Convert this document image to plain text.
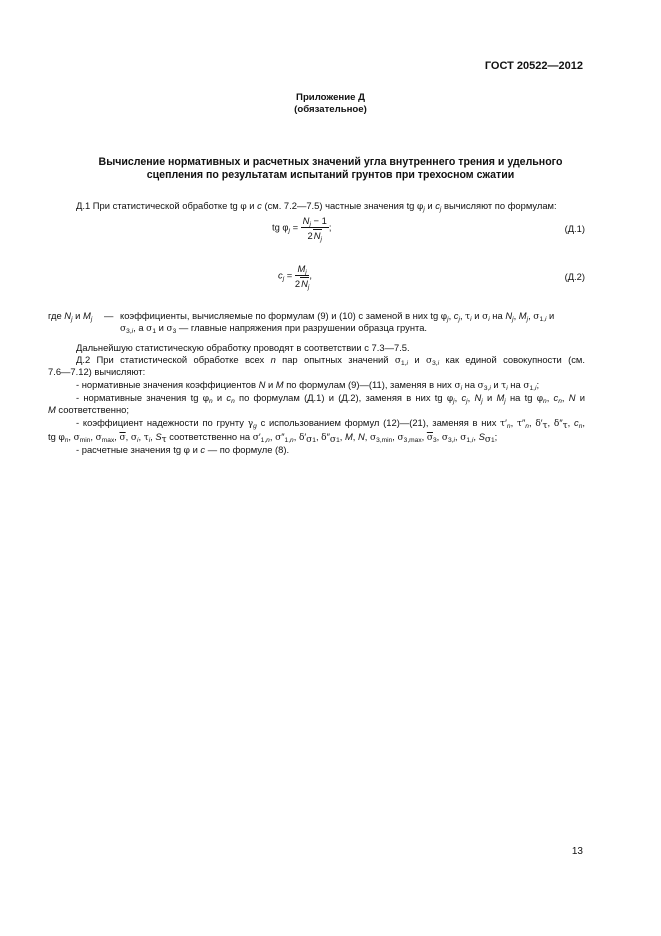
ГОСТ 20522—2012
Приложение Д
(обязательное)
Вычисление нормативных и расчетных значений угла внутреннего трения и удельного
сцепления по результатам испытаний грунтов при трехосном сжатии
Д.1 При статистической обработке tg φ и с (см. 7.2—7.5) частные значения tg $\varphi_j$ и $c_j$ вычисляют по формулам:
tg $\varphi_j = \frac{N_j - 1}{2N_j}$ ;	(Д.1)
$c_j = \frac{M_j}{2N_j}$ ,	(Д.2)
где $N_j$ и $M_j$ — коэффициенты, вычисляемые по формулам (9) и (10) с заменой в них tg $\varphi_j$, $c_j$, $\tau_i$ и $\sigma_i$ на $N_j$, $M_j$, $\sigma_{1,i}$ и
$\sigma_{3,i}$, а $\sigma_1$ и $\sigma_3$ — главные напряжения при разрушении образца грунта.
Дальнейшую статистическую обработку проводят в соответствии с 7.3—7.5.
Д.2 При статистической обработке всех n пар опытных значений $\sigma_{1,i}$ и $\sigma_{3,i}$ как единой совокупности (см.
7.6—7.12) вычисляют:
- нормативные значения коэффициентов N и M по формулам (9)—(11), заменяя в них $\sigma_i$ на $\sigma_{3,i}$ и $\tau_i$ на $\sigma_{1,i}$;
- нормативные значения tg $\varphi_n$ и $c_n$ по формулам (Д.1) и (Д.2), заменяя в них tg $\varphi_j$, $c_j$, $N_j$ и $M_j$ на tg $\varphi_n$, $c_n$, N и
M соответственно;
- коэффициент надежности по грунту $\gamma_g$ с использованием формул (12)—(21), заменяя в них $\tau'_n$, $\tau''_n$, $\delta'_\tau$, $\delta''_\tau$, $c_n$,
tg $\varphi_n$, $\sigma_{min}$, $\sigma_{max}$, $\overline{\sigma}$, $\sigma_i$, $\tau_i$, $S_\tau$ соответственно на $\sigma'_{1,n}$, $\sigma''_{1,n}$, $\delta'_{\sigma 1}$, $\delta''_{\sigma 1}$, M, N, $\sigma_{3,min}$, $\sigma_{3,max}$, $\overline{\sigma}_3$, $\sigma_{3,i}$, $\sigma_{1,i}$, $S_{\sigma 1}$;
- расчетные значения tg φ и c — по формуле (8).
13
